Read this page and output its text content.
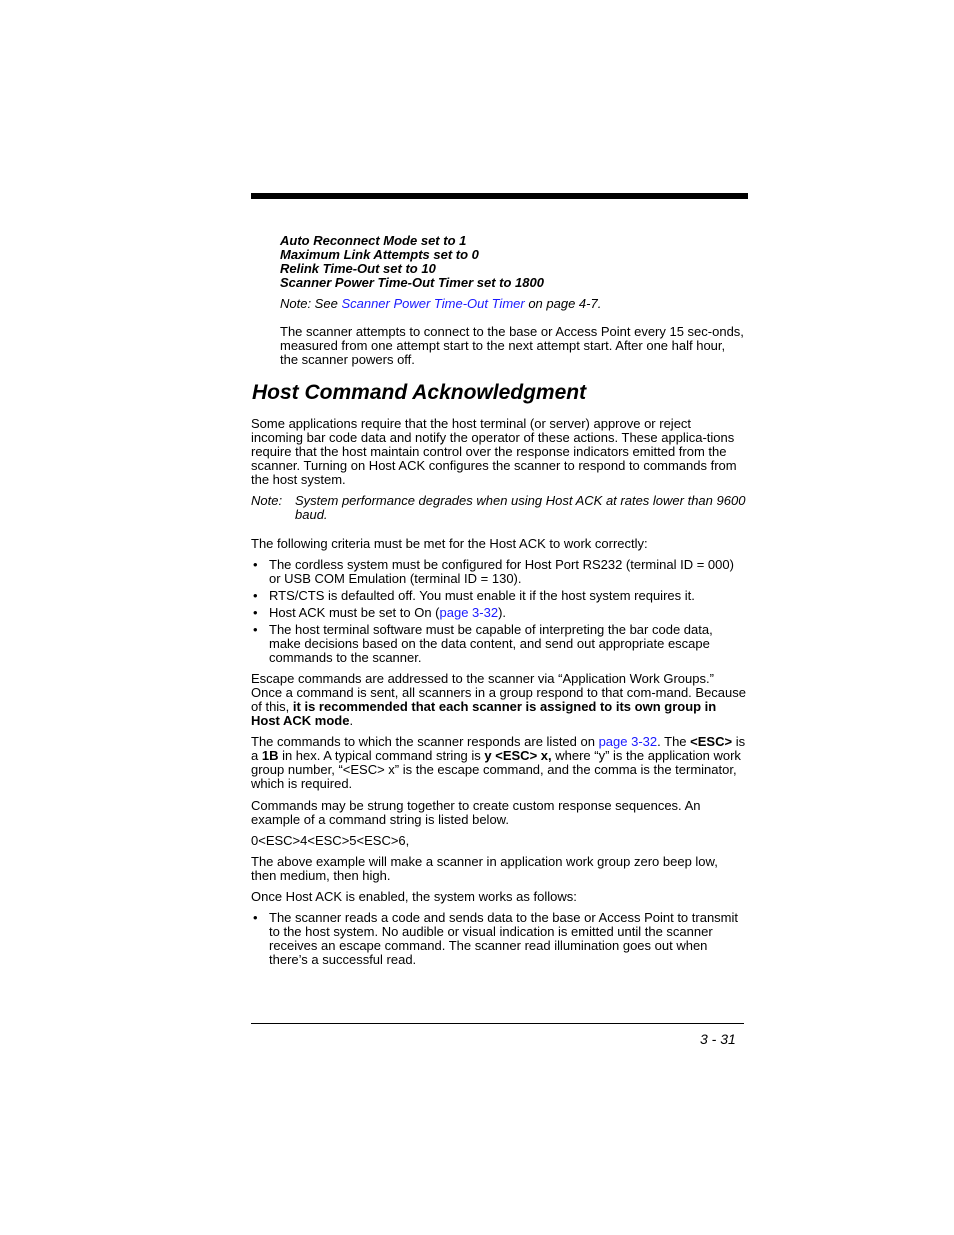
Auto Reconnect Mode set to 1
Maximum Link Attempts set to 0
Relink Time-Out set to 10
Scanner Power Time-Out Timer set to 1800
Note: See Scanner Power Time-Out Timer on page 4-7.
The scanner attempts to connect to the base or Access Point every 15 sec-onds, measured from one attempt start to the next attempt start. After one half hour, the scanner powers off.
Host Command Acknowledgment
Some applications require that the host terminal (or server) approve or reject incoming bar code data and notify the operator of these actions. These applica-tions require that the host maintain control over the response indicators emitted from the scanner. Turning on Host ACK configures the scanner to respond to commands from the host system.
Note: System performance degrades when using Host ACK at rates lower than 9600 baud.
The following criteria must be met for the Host ACK to work correctly:
• The cordless system must be configured for Host Port RS232 (terminal ID = 000) or USB COM Emulation (terminal ID = 130).
• RTS/CTS is defaulted off. You must enable it if the host system requires it.
• Host ACK must be set to On (page 3-32).
• The host terminal software must be capable of interpreting the bar code data, make decisions based on the data content, and send out appropriate escape commands to the scanner.
Escape commands are addressed to the scanner via “Application Work Groups.” Once a command is sent, all scanners in a group respond to that com-mand. Because of this, it is recommended that each scanner is assigned to its own group in Host ACK mode.
The commands to which the scanner responds are listed on page 3-32. The <ESC> is a 1B in hex. A typical command string is y <ESC> x, where “y” is the application work group number, “<ESC> x” is the escape command, and the comma is the terminator, which is required.
Commands may be strung together to create custom response sequences. An example of a command string is listed below.
0<ESC>4<ESC>5<ESC>6,
The above example will make a scanner in application work group zero beep low, then medium, then high.
Once Host ACK is enabled, the system works as follows:
• The scanner reads a code and sends data to the base or Access Point to transmit to the host system. No audible or visual indication is emitted until the scanner receives an escape command. The scanner read illumination goes out when there’s a successful read.
3 - 31
